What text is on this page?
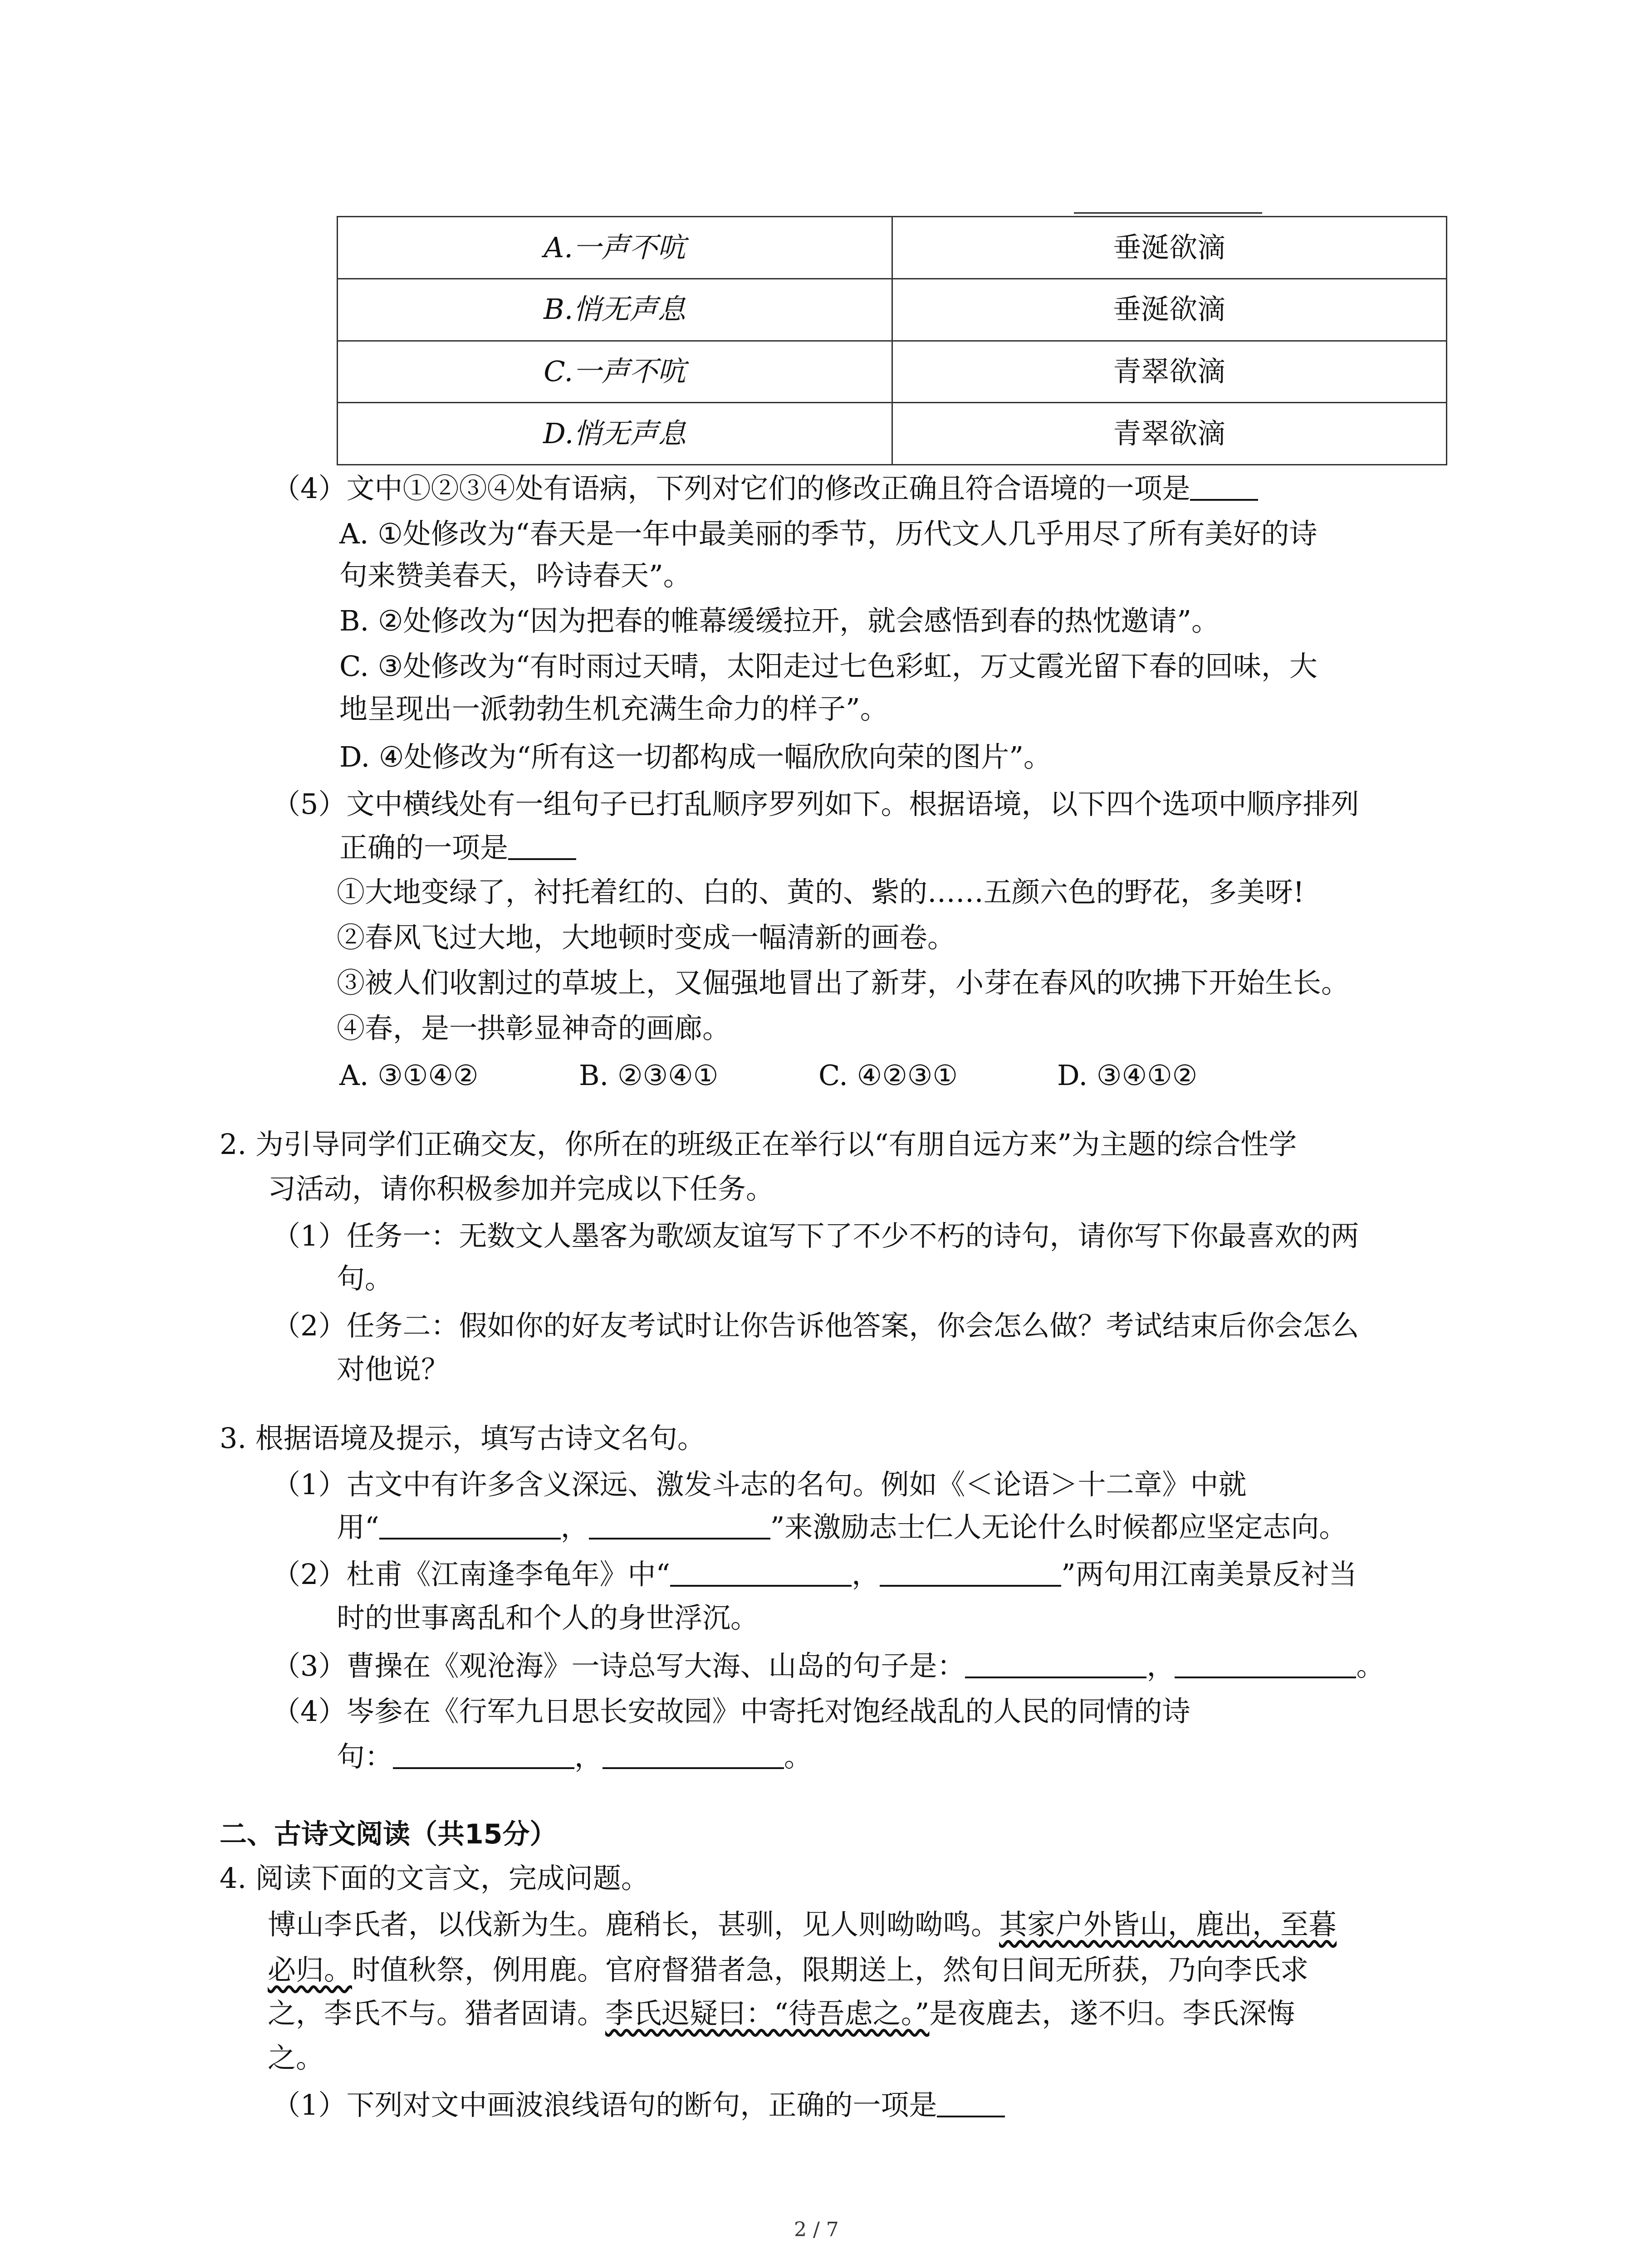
A.一声不吭	垂涎欲滴
B.悄无声息	垂涎欲滴
C.一声不吭	青翠欲滴
D.悄无声息	青翠欲滴
（4）文中①②③④处有语病，下列对它们的修改正确且符合语境的一项是
A. ①处修改为“春天是一年中最美丽的季节，历代文人几乎用尽了所有美好的诗
句来赞美春天，吟诗春天”。
B. ②处修改为“因为把春的帷幕缓缓拉开，就会感悟到春的热忱邀请”。
C. ③处修改为“有时雨过天晴，太阳走过七色彩虹，万丈霞光留下春的回味，大
地呈现出一派勃勃生机充满生命力的样子”。
D. ④处修改为“所有这一切都构成一幅欣欣向荣的图片”。
（5）文中横线处有一组句子已打乱顺序罗列如下。根据语境，以下四个选项中顺序排列
正确的一项是
①大地变绿了，衬托着红的、白的、黄的、紫的……五颜六色的野花，多美呀!
②春风飞过大地，大地顿时变成一幅清新的画卷。
③被人们收割过的草坡上，又倔强地冒出了新芽，小芽在春风的吹拂下开始生长。
④春，是一拱彰显神奇的画廊。
A. ③①④②	B. ②③④①	C. ④②③①	D. ③④①②
2. 为引导同学们正确交友，你所在的班级正在举行以“有朋自远方来”为主题的综合性学
习活动，请你积极参加并完成以下任务。
（1）任务一：无数文人墨客为歌颂友谊写下了不少不朽的诗句，请你写下你最喜欢的两
句。
（2）任务二：假如你的好友考试时让你告诉他答案，你会怎么做？考试结束后你会怎么
对他说？
3. 根据语境及提示，填写古诗文名句。
（1）古文中有许多含义深远、激发斗志的名句。例如《＜论语＞十二章》中就
用“	，	”来激励志士仁人无论什么时候都应坚定志向。
（2）杜甫《江南逢李龟年》中“	，	”两句用江南美景反衬当
时的世事离乱和个人的身世浮沉。
（3）曹操在《观沧海》一诗总写大海、山岛的句子是：	，	。
（4）岑参在《行军九日思长安故园》中寄托对饱经战乱的人民的同情的诗
句：	，	。
二、古诗文阅读（共15分）
4. 阅读下面的文言文，完成问题。
博山李氏者，以伐新为生。鹿稍长，甚驯，见人则呦呦鸣。其家户外皆山，鹿出，至暮
必归。时值秋祭，例用鹿。官府督猎者急，限期送上，然旬日间无所获，乃向李氏求
之，李氏不与。猎者固请。李氏迟疑曰：“待吾虑之。”是夜鹿去，遂不归。李氏深悔
之。
（1）下列对文中画波浪线语句的断句，正确的一项是
2 / 7
